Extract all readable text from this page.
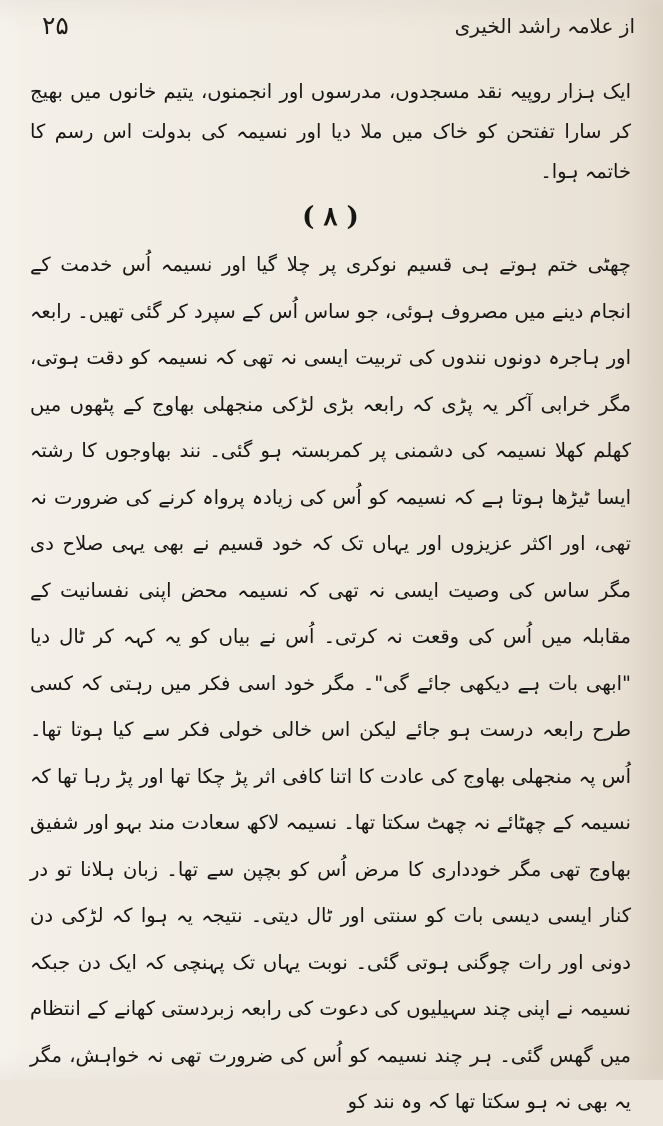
۲۵	از علامہ راشد الخیری

ایک ہزار روپیہ نقد مسجدوں، مدرسوں اور انجمنوں، یتیم خانوں میں بھیج کر سارا تفتحن کو خاک میں ملا دیا اور نسیمہ کی بدولت اس رسم کا خاتمہ ہوا۔

( ۸ )

چھٹی ختم ہوتے ہی قسیم نوکری پر چلا گیا اور نسیمہ اُس خدمت کے انجام دینے میں مصروف ہوئی، جو ساس اُس کے سپرد کر گئی تھیں۔ رابعہ اور ہاجرہ دونوں نندوں کی تربیت ایسی نہ تھی کہ نسیمہ کو دقت ہوتی، مگر خرابی آکر یہ پڑی کہ رابعہ بڑی لڑکی منجھلی بھاوج کے پٹھوں میں کھلم کھلا نسیمہ کی دشمنی پر کمربستہ ہو گئی۔ نند بھاوجوں کا رشتہ ایسا ٹیڑھا ہوتا ہے کہ نسیمہ کو اُس کی زیادہ پرواہ کرنے کی ضرورت نہ تھی، اور اکثر عزیزوں اور یہاں تک کہ خود قسیم نے بھی یہی صلاح دی مگر ساس کی وصیت ایسی نہ تھی کہ نسیمہ محض اپنی نفسانیت کے مقابلہ میں اُس کی وقعت نہ کرتی۔ اُس نے بیاں کو یہ کہہ کر ٹال دیا "ابھی بات ہے دیکھی جائے گی"۔ مگر خود اسی فکر میں رہتی کہ کسی طرح رابعہ درست ہو جائے لیکن اس خالی خولی فکر سے کیا ہوتا تھا۔ اُس پہ منجھلی بھاوج کی عادت کا اتنا کافی اثر پڑ چکا تھا اور پڑ رہا تھا کہ نسیمہ کے چھٹائے نہ چھٹ سکتا تھا۔ نسیمہ لاکھ سعادت مند بہو اور شفیق بھاوج تھی مگر خودداری کا مرض اُس کو بچپن سے تھا۔ زبان ہلانا تو در کنار ایسی دیسی بات کو سنتی اور ٹال دیتی۔ نتیجہ یہ ہوا کہ لڑکی دن دونی اور رات چوگنی ہوتی گئی۔ نوبت یہاں تک پہنچی کہ ایک دن جبکہ نسیمہ نے اپنی چند سہیلیوں کی دعوت کی رابعہ زبردستی کھانے کے انتظام میں گھس گئی۔ ہر چند نسیمہ کو اُس کی ضرورت تھی نہ خواہش، مگر یہ بھی نہ ہو سکتا تھا کہ وہ نند کو
